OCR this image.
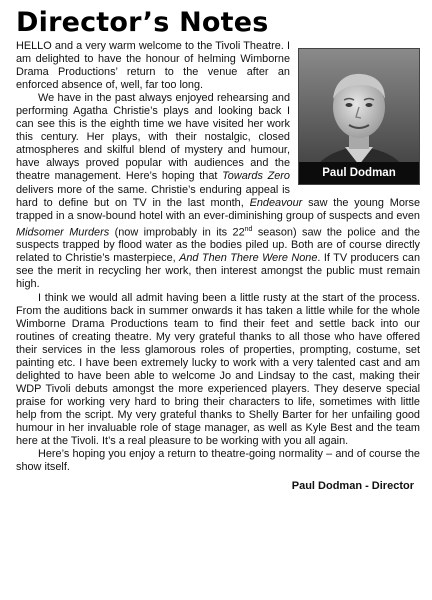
Director’s Notes
Paul Dodman

HELLO and a very warm welcome to the Tivoli Theatre. I am delighted to have the honour of helming Wimborne Drama Productions’ return to the venue after an enforced absence of, well, far too long.

We have in the past always enjoyed rehearsing and performing Agatha Christie’s plays and looking back I can see this is the eighth time we have visited her work this century. Her plays, with their nostalgic, closed atmospheres and skilful blend of mystery and humour, have always proved popular with audiences and the theatre management. Here’s hoping that Towards Zero delivers more of the same. Christie’s enduring appeal is hard to define but on TV in the last month, Endeavour saw the young Morse trapped in a snow-bound hotel with an ever-diminishing group of suspects and even Midsomer Murders (now improbably in its 22nd season) saw the police and the suspects trapped by flood water as the bodies piled up. Both are of course directly related to Christie’s masterpiece, And Then There Were None. If TV producers can see the merit in recycling her work, then interest amongst the public must remain high.

I think we would all admit having been a little rusty at the start of the process. From the auditions back in summer onwards it has taken a little while for the whole Wimborne Drama Productions team to find their feet and settle back into our routines of creating theatre. My very grateful thanks to all those who have offered their services in the less glamorous roles of properties, prompting, costume, set painting etc. I have been extremely lucky to work with a very talented cast and am delighted to have been able to welcome Jo and Lindsay to the cast, making their WDP Tivoli debuts amongst the more experienced players. They deserve special praise for working very hard to bring their characters to life, sometimes with little help from the script. My very grateful thanks to Shelly Barter for her unfailing good humour in her invaluable role of stage manager, as well as Kyle Best and the team here at the Tivoli. It’s a real pleasure to be working with you all again.

Here’s hoping you enjoy a return to theatre-going normality – and of course the show itself.

Paul Dodman - Director
